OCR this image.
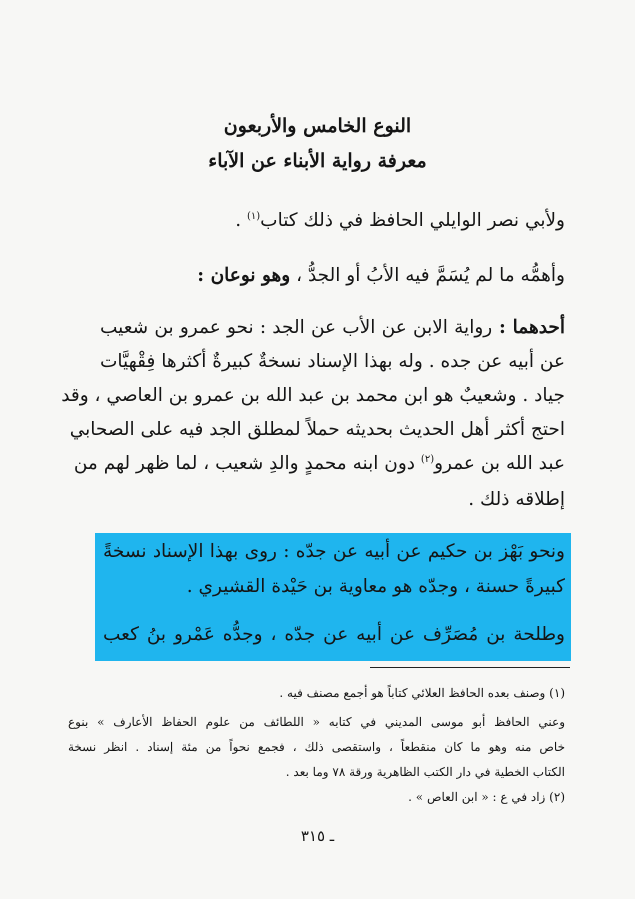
النوع الخامس والأربعون
معرفة رواية الأبناء عن الآباء
ولأبي نصر الوايلي الحافظ في ذلك كتاب$^{(١)}$ .
وأهمُّه ما لم يُسَمَّ فيه الأبُ أو الجدُّ ، وهو نوعان :
أحدهما : رواية الابن عن الأب عن الجد : نحو عمرو بن شعيب
عن أبيه عن جده . وله بهذا الإسناد نسخةٌ كبيرةٌ أكثرها فِقْهيَّات
جياد . وشعيبٌ هو ابن محمد بن عبد الله بن عمرو بن العاصي ، وقد
احتج أكثر أهل الحديث بحديثه حملاً لمطلق الجد فيه على الصحابي
عبد الله بن عمرو$^{(٢)}$ دون ابنه محمدٍ والدِ شعيب ، لما ظهر لهم من
إطلاقه ذلك .
ونحو بَهْز بن حكيم عن أبيه عن جدّه : روى بهذا الإسناد نسخةً
كبيرةً حسنة ، وجدّه هو معاوية بن حَيْدة القشيري .
وطلحة بن مُصَرِّف عن أبيه عن جدّه ، وجدُّه عَمْرو بنُ كعب
(١) وصنف بعده الحافظ العلائي كتاباً هو أجمع مصنف فيه .
وعني الحافظ أبو موسى المديني في كتابه « اللطائف من علوم الحفاظ الأعارف » بنوع
خاص منه وهو ما كان منقطعاً ، واستقصى ذلك ، فجمع نحواً من مئة إسناد . انظر نسخة
الكتاب الخطية في دار الكتب الظاهرية ورقة ٧٨ وما بعد .
(٢) زاد في ع : « ابن العاص » .
ـ ٣١٥
